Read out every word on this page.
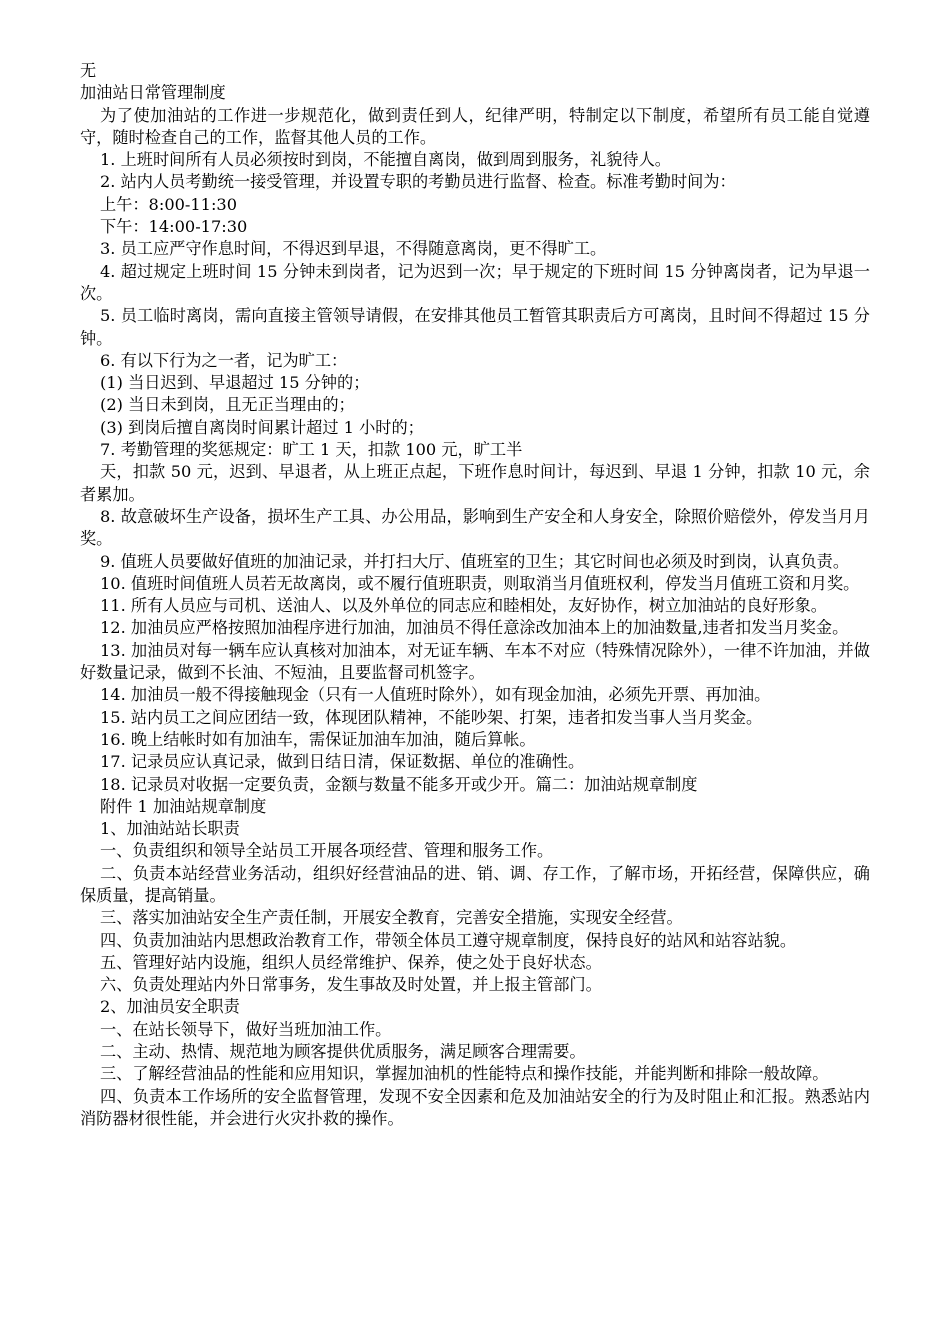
无

加油站日常管理制度

为了使加油站的工作进一步规范化，做到责任到人，纪律严明，特制定以下制度，希望所有员工能自觉遵守，随时检查自己的工作，监督其他人员的工作。

1. 上班时间所有人员必须按时到岗，不能擅自离岗，做到周到服务，礼貌待人。

2. 站内人员考勤统一接受管理，并设置专职的考勤员进行监督、检查。标准考勤时间为：

上午：8:00-11:30

下午：14:00-17:30

3. 员工应严守作息时间，不得迟到早退，不得随意离岗，更不得旷工。

4. 超过规定上班时间 15 分钟未到岗者，记为迟到一次；早于规定的下班时间 15 分钟离岗者，记为早退一次。

5. 员工临时离岗，需向直接主管领导请假，在安排其他员工暂管其职责后方可离岗，且时间不得超过 15 分钟。

6. 有以下行为之一者，记为旷工：

(1) 当日迟到、早退超过 15 分钟的；

(2) 当日未到岗，且无正当理由的；

(3) 到岗后擅自离岗时间累计超过 1 小时的；

7. 考勤管理的奖惩规定：旷工 1 天，扣款 100 元，旷工半

天，扣款 50 元，迟到、早退者，从上班正点起，下班作息时间计，每迟到、早退 1 分钟，扣款 10 元，余者累加。

8. 故意破坏生产设备，损坏生产工具、办公用品，影响到生产安全和人身安全，除照价赔偿外，停发当月月奖。

9. 值班人员要做好值班的加油记录，并打扫大厅、值班室的卫生；其它时间也必须及时到岗，认真负责。

10. 值班时间值班人员若无故离岗，或不履行值班职责，则取消当月值班权利，停发当月值班工资和月奖。

11. 所有人员应与司机、送油人、以及外单位的同志应和睦相处，友好协作，树立加油站的良好形象。

12. 加油员应严格按照加油程序进行加油，加油员不得任意涂改加油本上的加油数量,违者扣发当月奖金。

13. 加油员对每一辆车应认真核对加油本，对无证车辆、车本不对应（特殊情况除外），一律不许加油，并做好数量记录，做到不长油、不短油，且要监督司机签字。

14. 加油员一般不得接触现金（只有一人值班时除外），如有现金加油，必须先开票、再加油。

15. 站内员工之间应团结一致，体现团队精神，不能吵架、打架，违者扣发当事人当月奖金。

16. 晚上结帐时如有加油车，需保证加油车加油，随后算帐。

17. 记录员应认真记录，做到日结日清，保证数据、单位的准确性。

18. 记录员对收据一定要负责，金额与数量不能多开或少开。篇二：加油站规章制度

附件 1 加油站规章制度

1、加油站站长职责

一、负责组织和领导全站员工开展各项经营、管理和服务工作。

二、负责本站经营业务活动，组织好经营油品的进、销、调、存工作，了解市场，开拓经营，保障供应，确保质量，提高销量。

三、落实加油站安全生产责任制，开展安全教育，完善安全措施，实现安全经营。

四、负责加油站内思想政治教育工作，带领全体员工遵守规章制度，保持良好的站风和站容站貌。

五、管理好站内设施，组织人员经常维护、保养，使之处于良好状态。

六、负责处理站内外日常事务，发生事故及时处置，并上报主管部门。

2、加油员安全职责

一、在站长领导下，做好当班加油工作。

二、主动、热情、规范地为顾客提供优质服务，满足顾客合理需要。

三、了解经营油品的性能和应用知识，掌握加油机的性能特点和操作技能，并能判断和排除一般故障。

四、负责本工作场所的安全监督管理，发现不安全因素和危及加油站安全的行为及时阻止和汇报。熟悉站内消防器材很性能，并会进行火灾扑救的操作。
